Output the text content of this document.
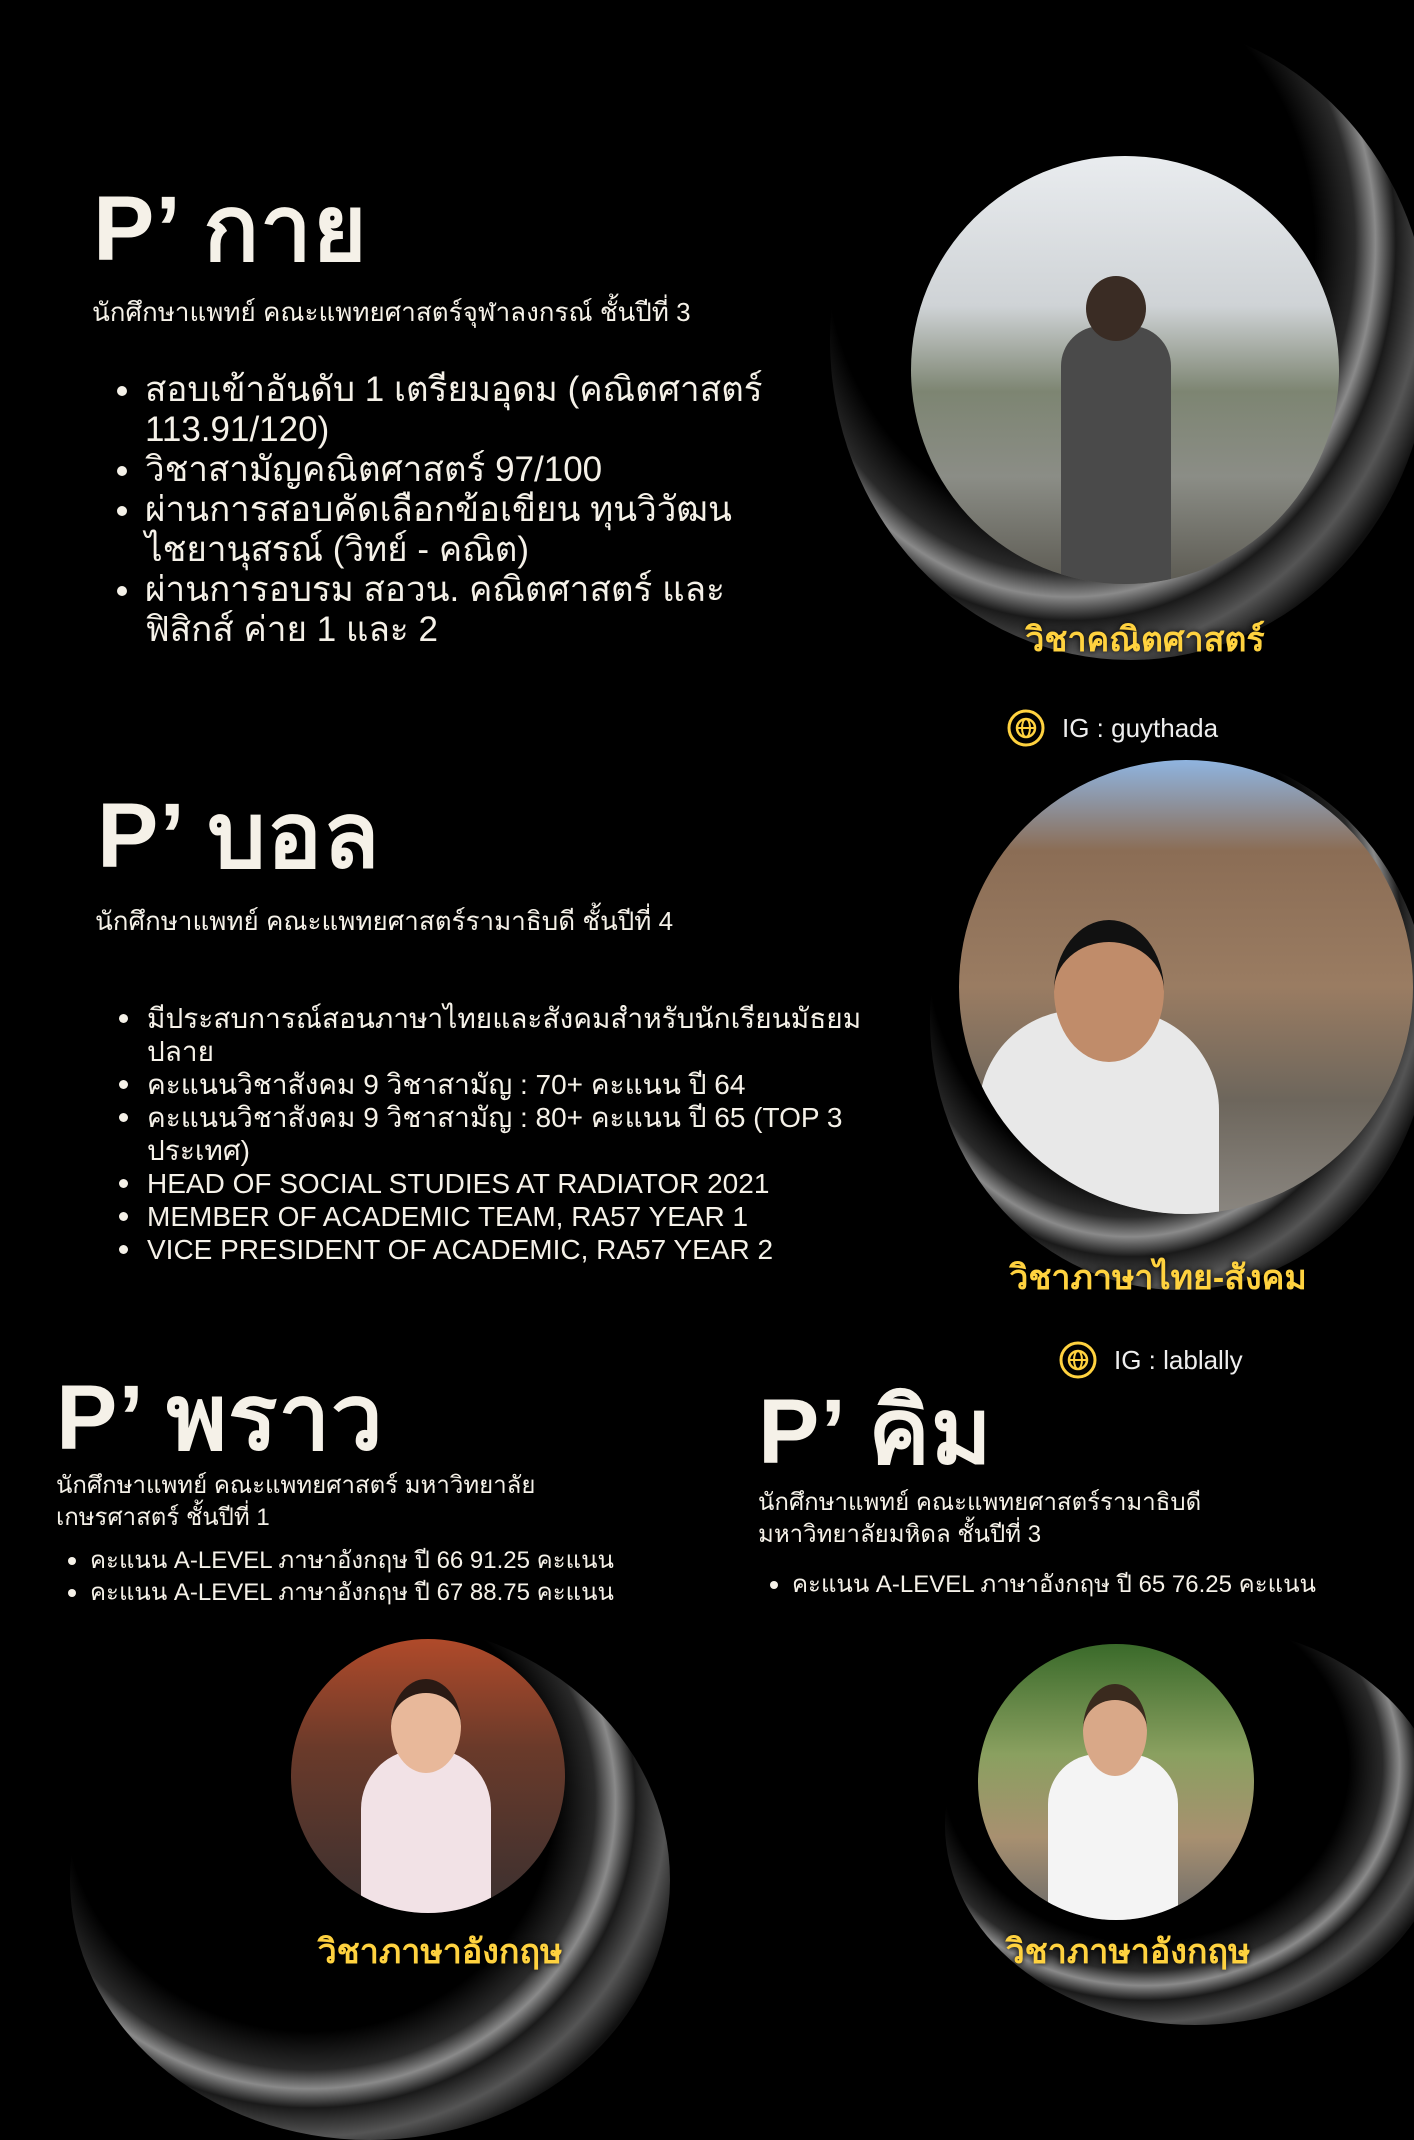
P’ กาย
นักศึกษาแพทย์ คณะแพทยศาสตร์จุฬาลงกรณ์ ชั้นปีที่ 3
สอบเข้าอันดับ 1 เตรียมอุดม (คณิตศาสตร์ 113.91/120)
วิชาสามัญคณิตศาสตร์ 97/100
ผ่านการสอบคัดเลือกข้อเขียน ทุนวิวัฒนไชยานุสรณ์ (วิทย์ - คณิต)
ผ่านการอบรม สอวน. คณิตศาสตร์ และฟิสิกส์ ค่าย 1 และ 2	วิชาคณิตศาสตร์
P’ บอล
นักศึกษาแพทย์ คณะแพทยศาสตร์รามาธิบดี ชั้นปีที่ 4
มีประสบการณ์สอนภาษาไทยและสังคมสำหรับนักเรียนมัธยมปลาย
คะแนนวิชาสังคม 9 วิชาสามัญ : 70+ คะแนน ปี 64
คะแนนวิชาสังคม 9 วิชาสามัญ : 80+ คะแนน ปี 65 (TOP 3 ประเทศ)
HEAD OF SOCIAL STUDIES AT RADIATOR 2021
MEMBER OF ACADEMIC TEAM, RA57 YEAR 1
VICE PRESIDENT OF ACADEMIC, RA57 YEAR 2
วิชาภาษาไทย-สังคม
IG : guythada
IG : lablally
P’ พราว
นักศึกษาแพทย์ คณะแพทยศาสตร์ มหาวิทยาลัย
เกษรศาสตร์ ชั้นปีที่ 1
คะแนน A-LEVEL ภาษาอังกฤษ ปี 66 91.25 คะแนน
คะแนน A-LEVEL ภาษาอังกฤษ ปี 67 88.75 คะแนน
วิชาภาษาอังกฤษ
P’ คิม
นักศึกษาแพทย์ คณะแพทยศาสตร์รามาธิบดี
มหาวิทยาลัยมหิดล ชั้นปีที่ 3
คะแนน A-LEVEL ภาษาอังกฤษ ปี 65 76.25 คะแนน
วิชาภาษาอังกฤษ
